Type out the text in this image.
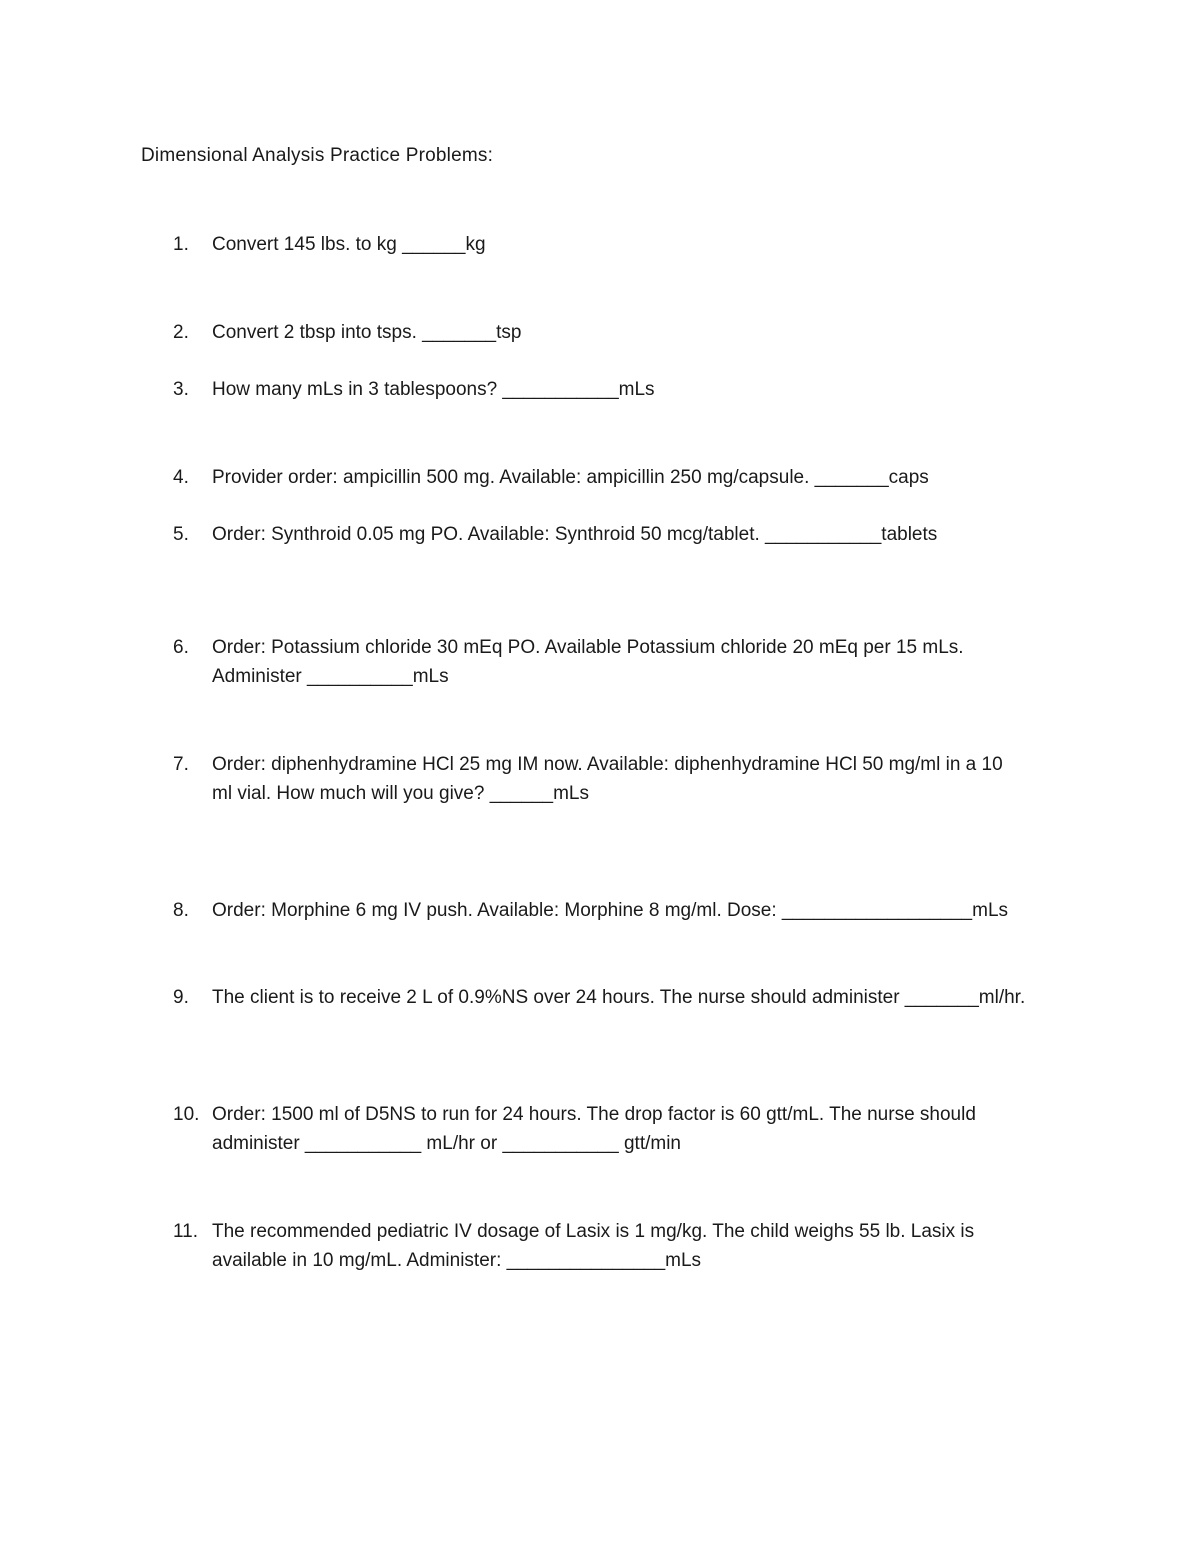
Dimensional Analysis Practice Problems:
1.	Convert 145 lbs. to kg ______kg
2.	Convert 2 tbsp into tsps. _______tsp
3.	How many mLs in 3 tablespoons? ___________mLs
4.	Provider order: ampicillin 500 mg. Available: ampicillin 250 mg/capsule. _______caps
5.	Order: Synthroid 0.05 mg PO. Available: Synthroid 50 mcg/tablet. ___________tablets
6.	Order: Potassium chloride 30 mEq PO. Available Potassium chloride 20 mEq per 15 mLs.
Administer __________mLs
7.	Order: diphenhydramine HCl 25 mg IM now. Available: diphenhydramine HCl 50 mg/ml in a 10
ml vial. How much will you give? ______mLs
8.	Order: Morphine 6 mg IV push. Available: Morphine 8 mg/ml. Dose: __________________mLs
9.	The client is to receive 2 L of 0.9%NS over 24 hours. The nurse should administer _______ml/hr.
10. Order: 1500 ml of D5NS to run for 24 hours. The drop factor is 60 gtt/mL. The nurse should
administer ___________ mL/hr or ___________ gtt/min
11. The recommended pediatric IV dosage of Lasix is 1 mg/kg. The child weighs 55 lb. Lasix is
available in 10 mg/mL. Administer: _______________mLs
